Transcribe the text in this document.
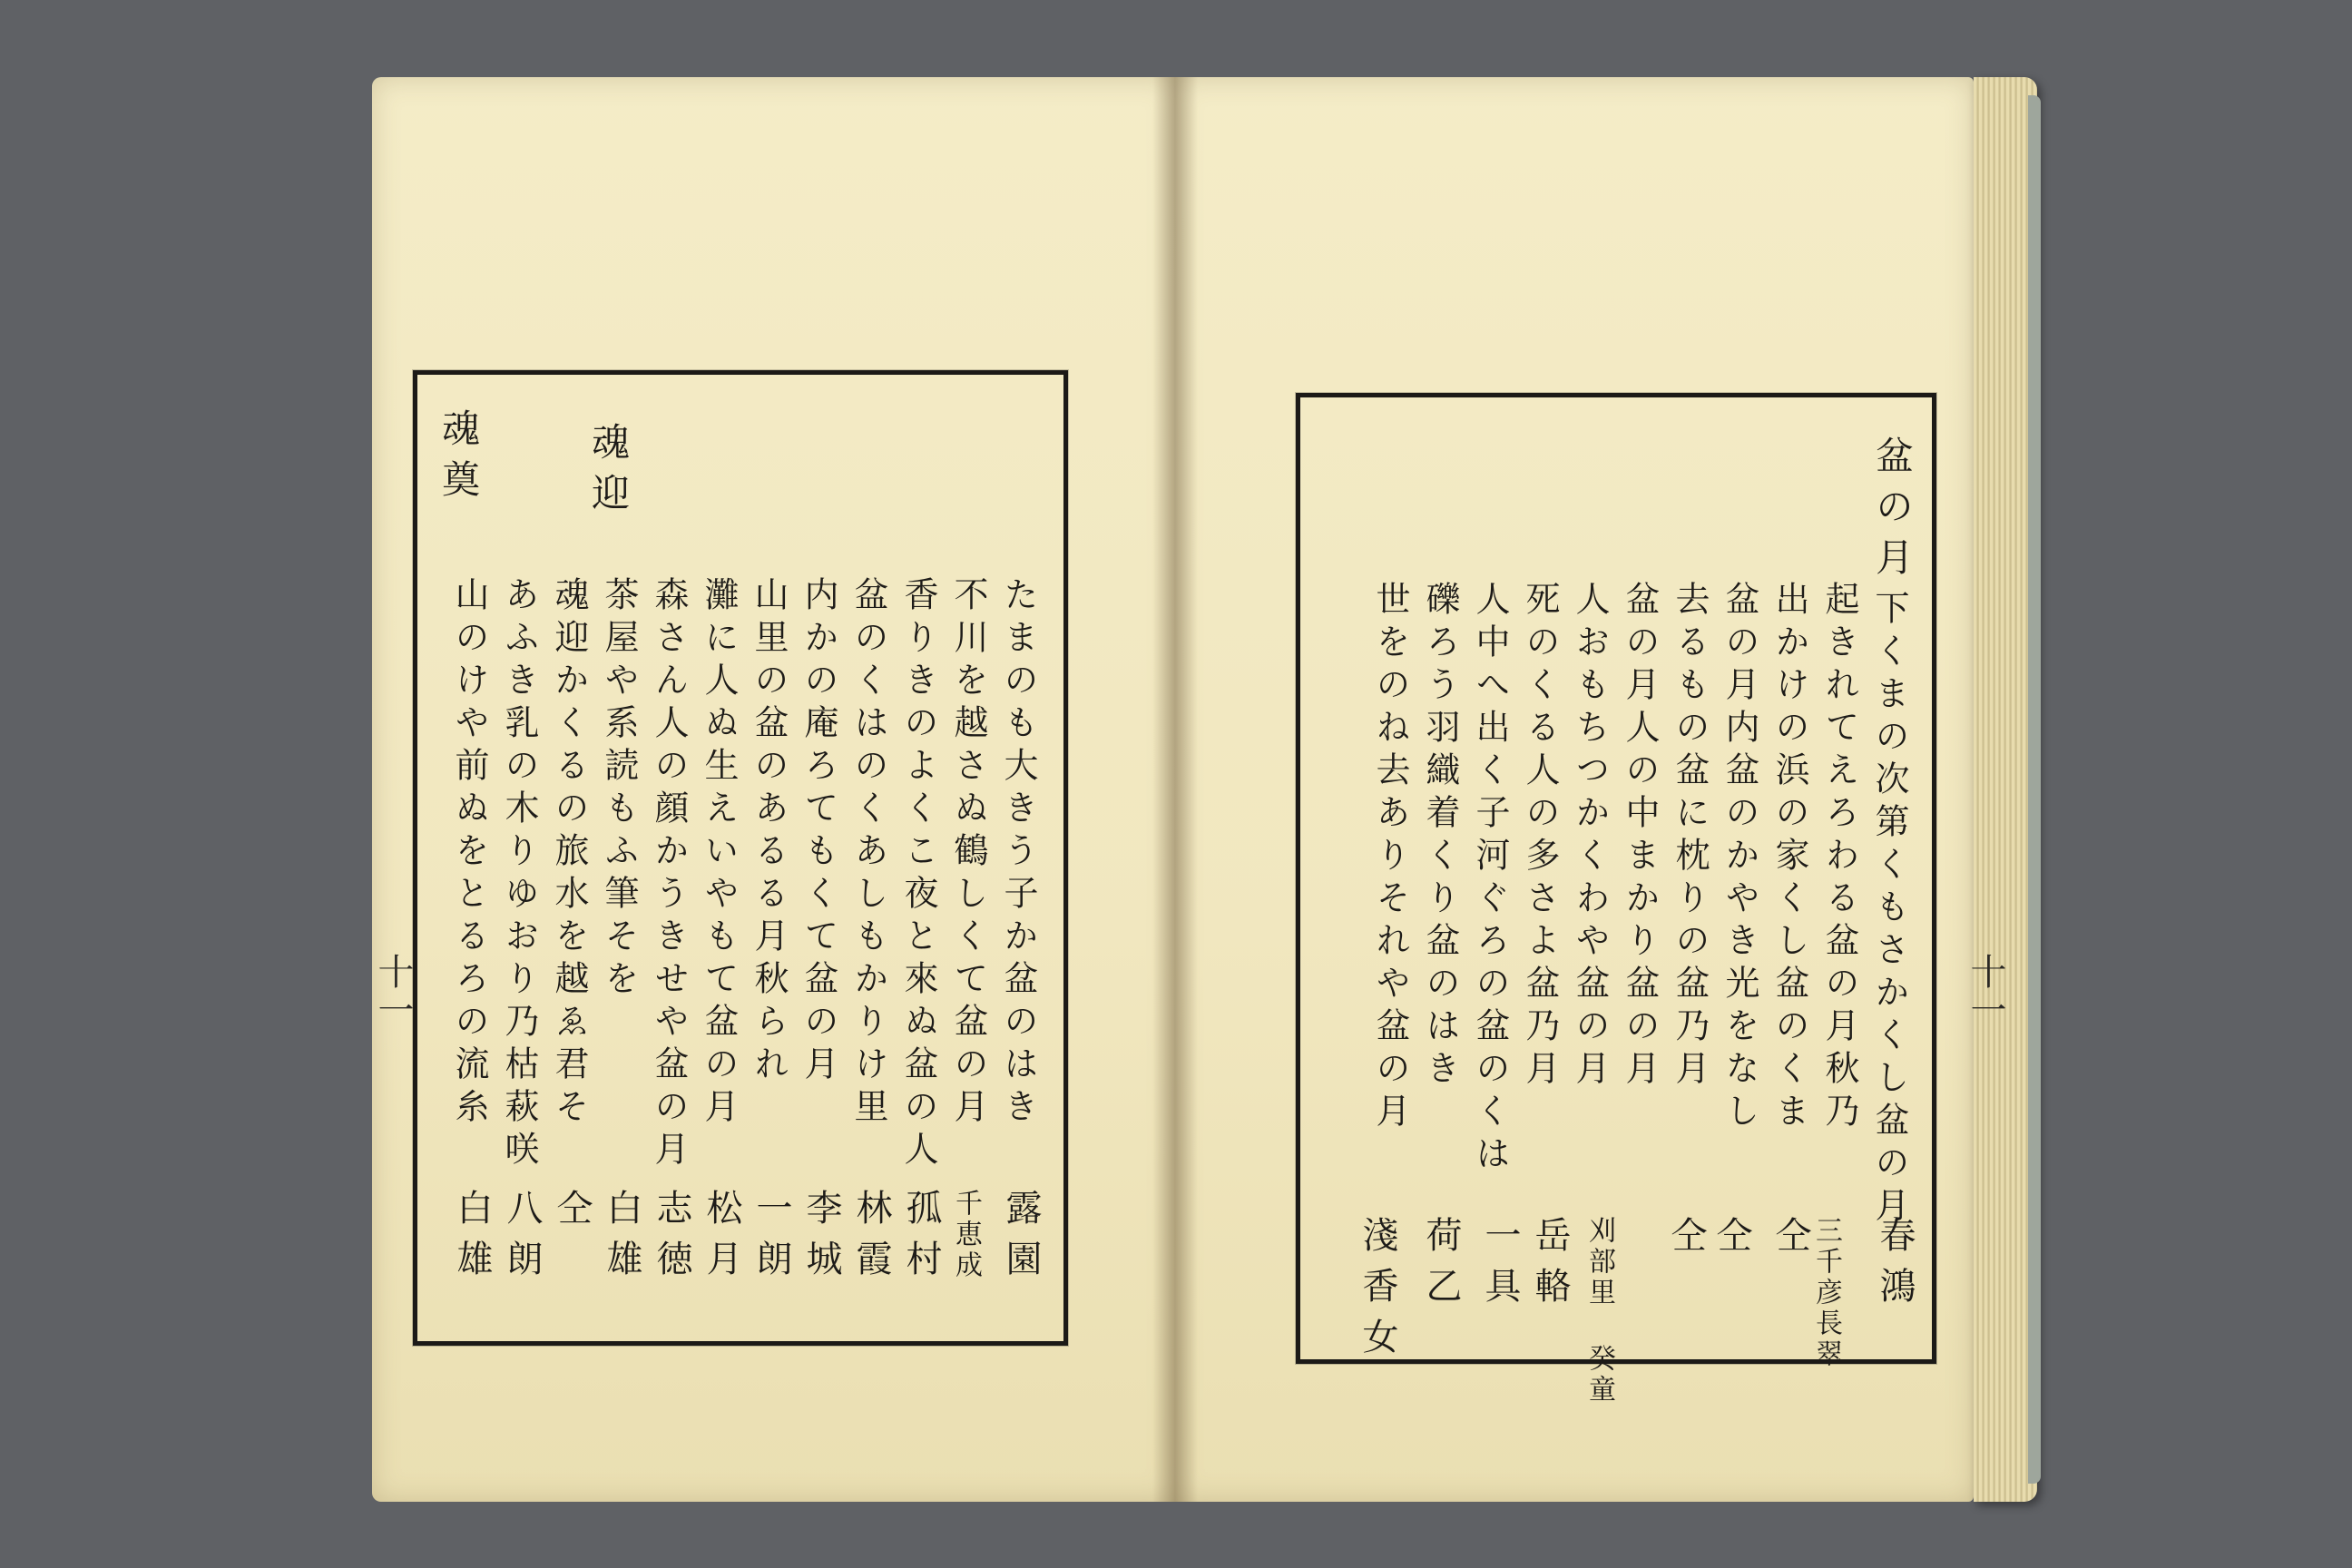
魂迎
魂奠
たまのも大きう子か盆のはき
不川を越さぬ鶴しくて盆の月
香りきのよくこ夜と來ぬ盆の人
盆のくはのくあしもかりけ里
内かの庵ろてもくて盆の月
山里の盆のあるる月秋られ
灘に人ぬ生えいやもて盆の月
森さん人の顔かうきせや盆の月
茶屋や系読もふ筆そを
魂迎かくるの旅水を越ゑ君そ
あふき乳の木りゆおり乃枯萩咲
山のけや前ぬをとるろの流糸
露園
千恵成
孤村
林霞
李城
一朗
松月
志徳
白雄
仝
八朗
白雄
十一
盆の月
下くまの次第くもさかくし盆の月
起きれてえろわる盆の月秋乃
出かけの浜の家くし盆のくま
盆の月内盆のかやき光をなし
去るもの盆に枕りの盆乃月
盆の月人の中まかり盆の月
人おもちつかくわや盆の月
死のくる人の多さよ盆乃月
人中へ出く子河ぐろの盆のくは
礫ろう羽織着くり盆のはき
世をのね去ありそれや盆の月
春鴻
三千彦長翠
仝
仝
仝
刈部里 癸童
岳輅
一具
荷乙
淺香女
十一
